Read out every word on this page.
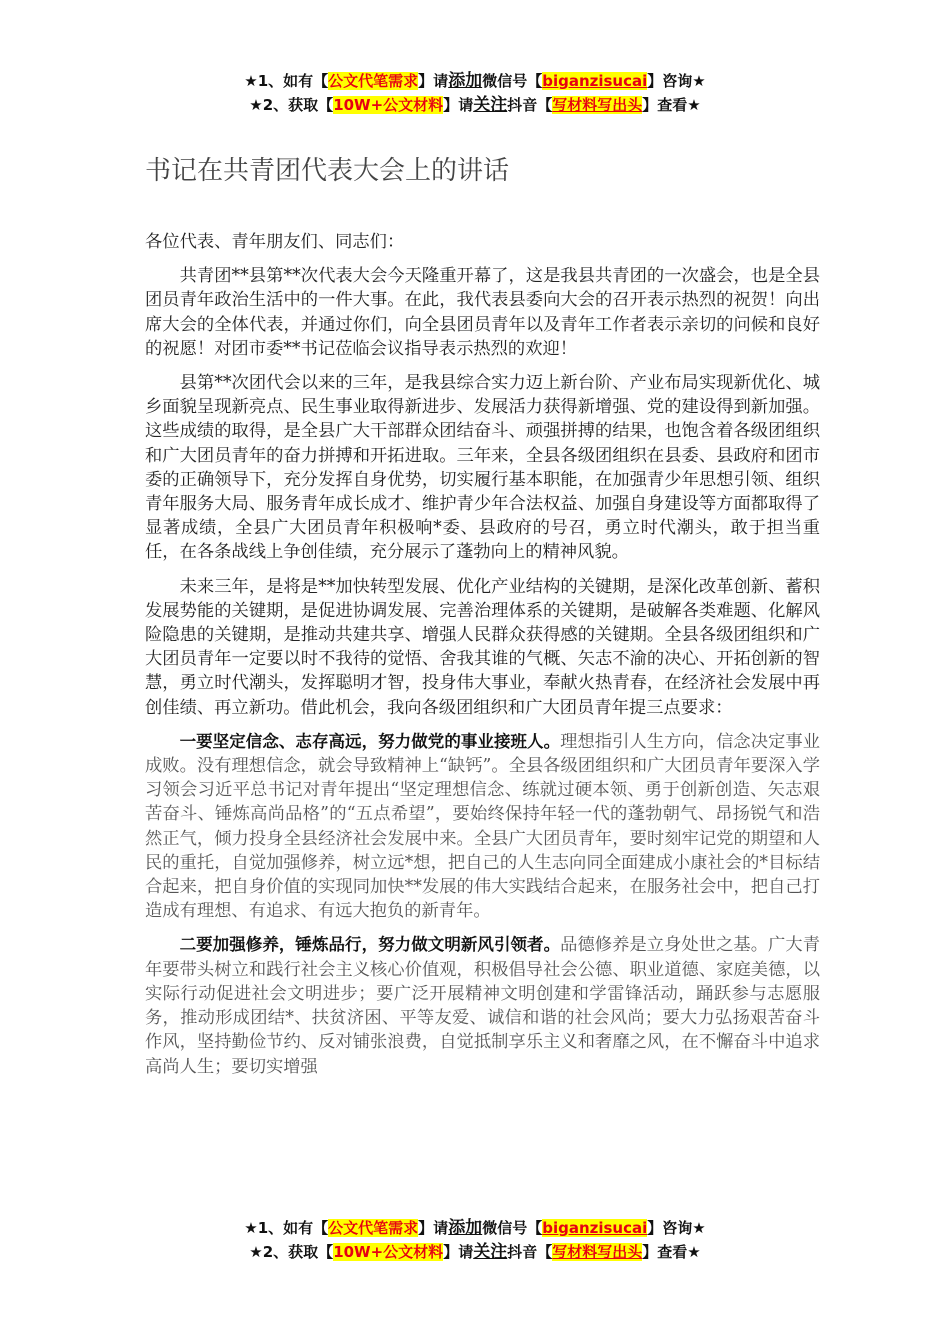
★1、如有【公文代笔需求】请添加微信号【biganzisucai】咨询★
★2、获取【10W+公文材料】请关注抖音【写材料写出头】查看★
书记在共青团代表大会上的讲话

各位代表、青年朋友们、同志们：

共青团**县第**次代表大会今天隆重开幕了，这是我县共青团的一次盛会，也是全县团员青年政治生活中的一件大事。在此，我代表县委向大会的召开表示热烈的祝贺！向出席大会的全体代表，并通过你们，向全县团员青年以及青年工作者表示亲切的问候和良好的祝愿！对团市委**书记莅临会议指导表示热烈的欢迎！

县第**次团代会以来的三年，是我县综合实力迈上新台阶、产业布局实现新优化、城乡面貌呈现新亮点、民生事业取得新进步、发展活力获得新增强、党的建设得到新加强。这些成绩的取得，是全县广大干部群众团结奋斗、顽强拼搏的结果，也饱含着各级团组织和广大团员青年的奋力拼搏和开拓进取。三年来，全县各级团组织在县委、县政府和团市委的正确领导下，充分发挥自身优势，切实履行基本职能，在加强青少年思想引领、组织青年服务大局、服务青年成长成才、维护青少年合法权益、加强自身建设等方面都取得了显著成绩，全县广大团员青年积极响*委、县政府的号召，勇立时代潮头，敢于担当重任，在各条战线上争创佳绩，充分展示了蓬勃向上的精神风貌。

未来三年，是将是**加快转型发展、优化产业结构的关键期，是深化改革创新、蓄积发展势能的关键期，是促进协调发展、完善治理体系的关键期，是破解各类难题、化解风险隐患的关键期，是推动共建共享、增强人民群众获得感的关键期。全县各级团组织和广大团员青年一定要以时不我待的觉悟、舍我其谁的气概、矢志不渝的决心、开拓创新的智慧，勇立时代潮头，发挥聪明才智，投身伟大事业，奉献火热青春，在经济社会发展中再创佳绩、再立新功。借此机会，我向各级团组织和广大团员青年提三点要求：

一要坚定信念、志存高远，努力做党的事业接班人。理想指引人生方向，信念决定事业成败。没有理想信念，就会导致精神上“缺钙”。全县各级团组织和广大团员青年要深入学习领会习近平总书记对青年提出“坚定理想信念、练就过硬本领、勇于创新创造、矢志艰苦奋斗、锤炼高尚品格”的“五点希望”，要始终保持年轻一代的蓬勃朝气、昂扬锐气和浩然正气，倾力投身全县经济社会发展中来。全县广大团员青年，要时刻牢记党的期望和人民的重托，自觉加强修养，树立远*想，把自己的人生志向同全面建成小康社会的*目标结合起来，把自身价值的实现同加快**发展的伟大实践结合起来，在服务社会中，把自己打造成有理想、有追求、有远大抱负的新青年。

二要加强修养，锤炼品行，努力做文明新风引领者。品德修养是立身处世之基。广大青年要带头树立和践行社会主义核心价值观，积极倡导社会公德、职业道德、家庭美德，以实际行动促进社会文明进步；要广泛开展精神文明创建和学雷锋活动，踊跃参与志愿服务，推动形成团结*、扶贫济困、平等友爱、诚信和谐的社会风尚；要大力弘扬艰苦奋斗作风，坚持勤俭节约、反对铺张浪费，自觉抵制享乐主义和奢靡之风，在不懈奋斗中追求高尚人生；要切实增强

★1、如有【公文代笔需求】请添加微信号【biganzisucai】咨询★
★2、获取【10W+公文材料】请关注抖音【写材料写出头】查看★
